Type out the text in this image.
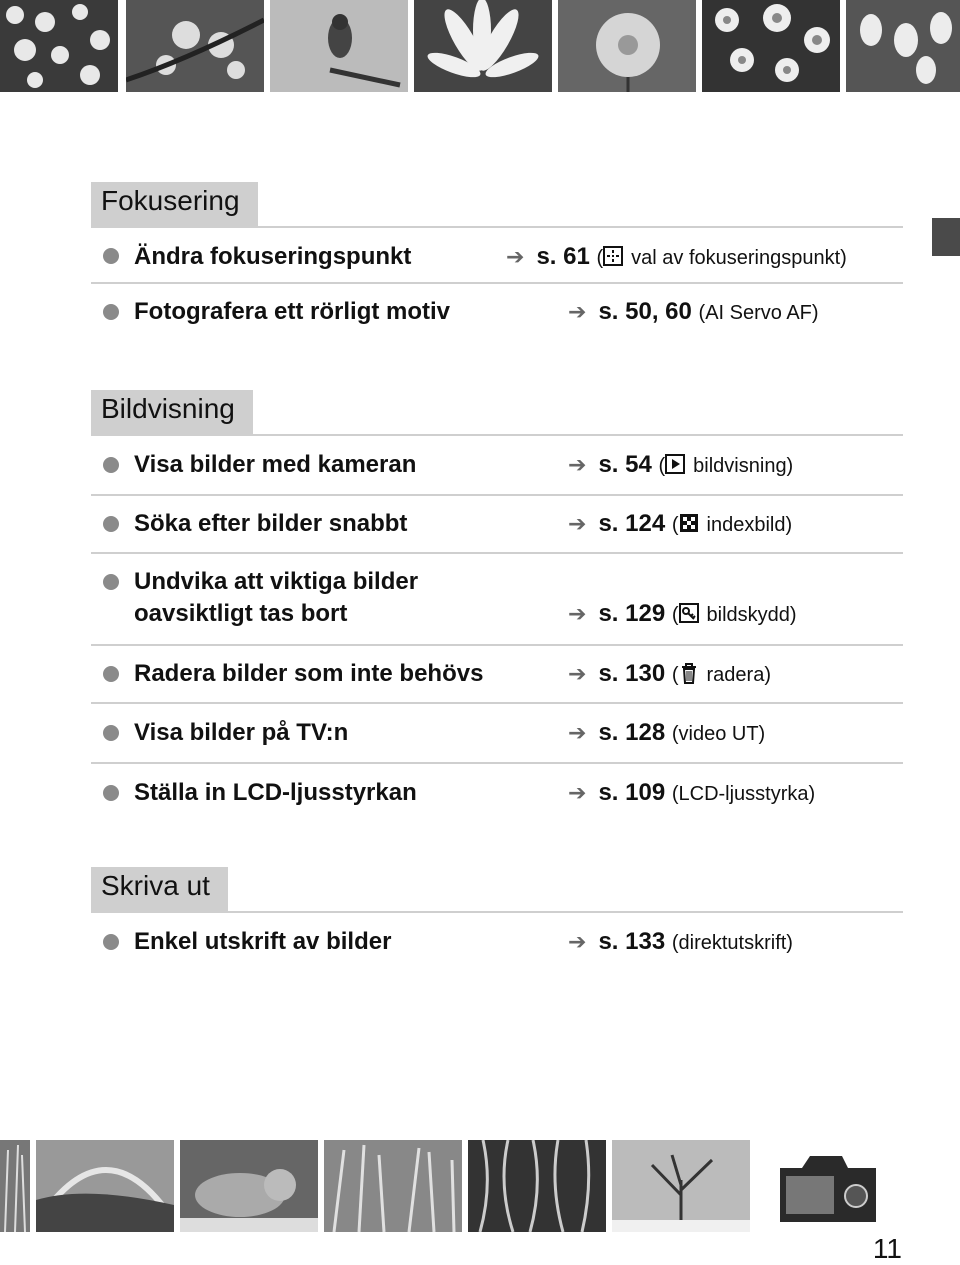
Fokusering
Ändra fokuseringspunkt	➔ s. 61 ( val av fokuseringspunkt)
Fotografera ett rörligt motiv	➔ s. 50, 60 (AI Servo AF)
Bildvisning
Visa bilder med kameran	➔ s. 54 ( bildvisning)
Söka efter bilder snabbt	➔ s. 124 ( indexbild)
Undvika att viktiga bilder
oavsiktligt tas bort	➔ s. 129 ( bildskydd)
Radera bilder som inte behövs	➔ s. 130 ( radera)
Visa bilder på TV:n	➔ s. 128 (video UT)
Ställa in LCD-ljusstyrkan	➔ s. 109 (LCD-ljusstyrka)
Skriva ut
Enkel utskrift av bilder	➔ s. 133 (direktutskrift)
11
